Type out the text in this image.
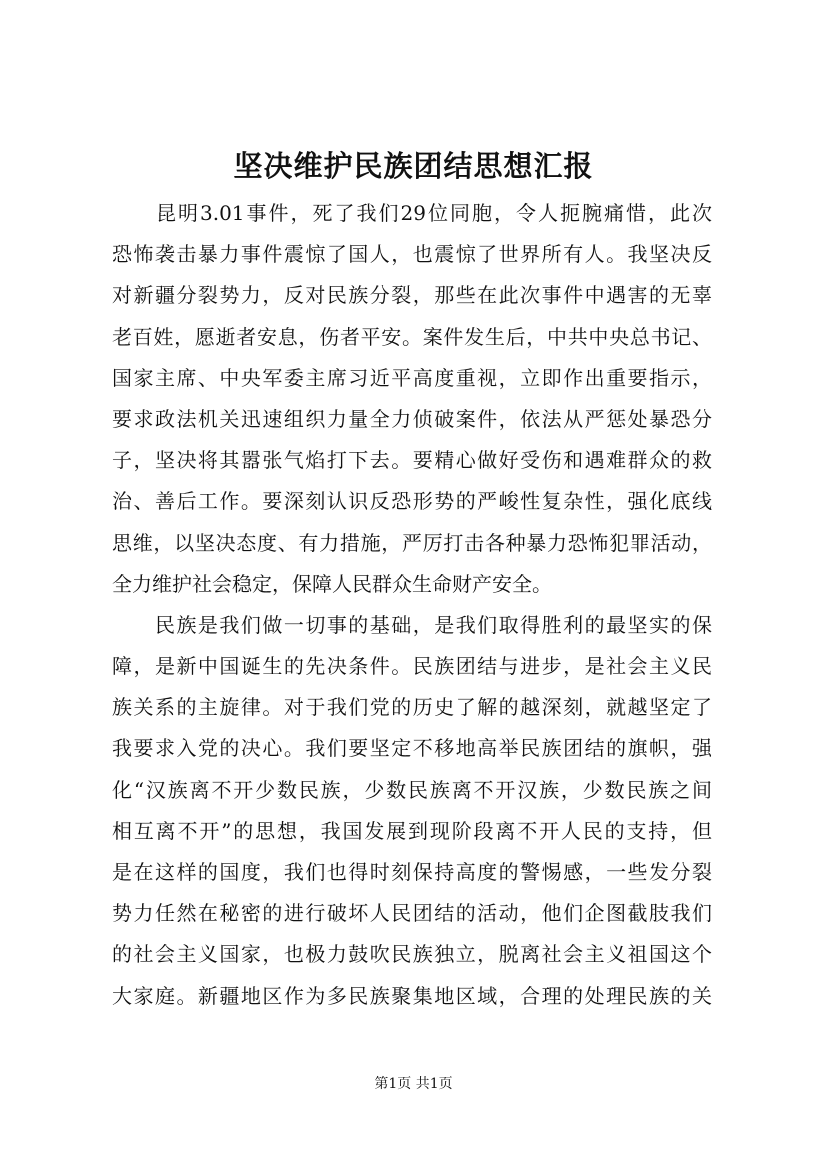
坚决维护民族团结思想汇报
　　昆明3.01事件，死了我们29位同胞，令人扼腕痛惜，此次
恐怖袭击暴力事件震惊了国人，也震惊了世界所有人。我坚决反
对新疆分裂势力，反对民族分裂，那些在此次事件中遇害的无辜
老百姓，愿逝者安息，伤者平安。案件发生后，中共中央总书记、
国家主席、中央军委主席习近平高度重视，立即作出重要指示，
要求政法机关迅速组织力量全力侦破案件，依法从严惩处暴恐分
子，坚决将其嚣张气焰打下去。要精心做好受伤和遇难群众的救
治、善后工作。要深刻认识反恐形势的严峻性复杂性，强化底线
思维，以坚决态度、有力措施，严厉打击各种暴力恐怖犯罪活动，
全力维护社会稳定，保障人民群众生命财产安全。
　　民族是我们做一切事的基础，是我们取得胜利的最坚实的保
障，是新中国诞生的先决条件。民族团结与进步，是社会主义民
族关系的主旋律。对于我们党的历史了解的越深刻，就越坚定了
我要求入党的决心。我们要坚定不移地高举民族团结的旗帜，强
化“汉族离不开少数民族，少数民族离不开汉族，少数民族之间
相互离不开”的思想，我国发展到现阶段离不开人民的支持，但
是在这样的国度，我们也得时刻保持高度的警惕感，一些发分裂
势力任然在秘密的进行破坏人民团结的活动，他们企图截肢我们
的社会主义国家，也极力鼓吹民族独立，脱离社会主义祖国这个
大家庭。新疆地区作为多民族聚集地区域，合理的处理民族的关
第1页 共1页
